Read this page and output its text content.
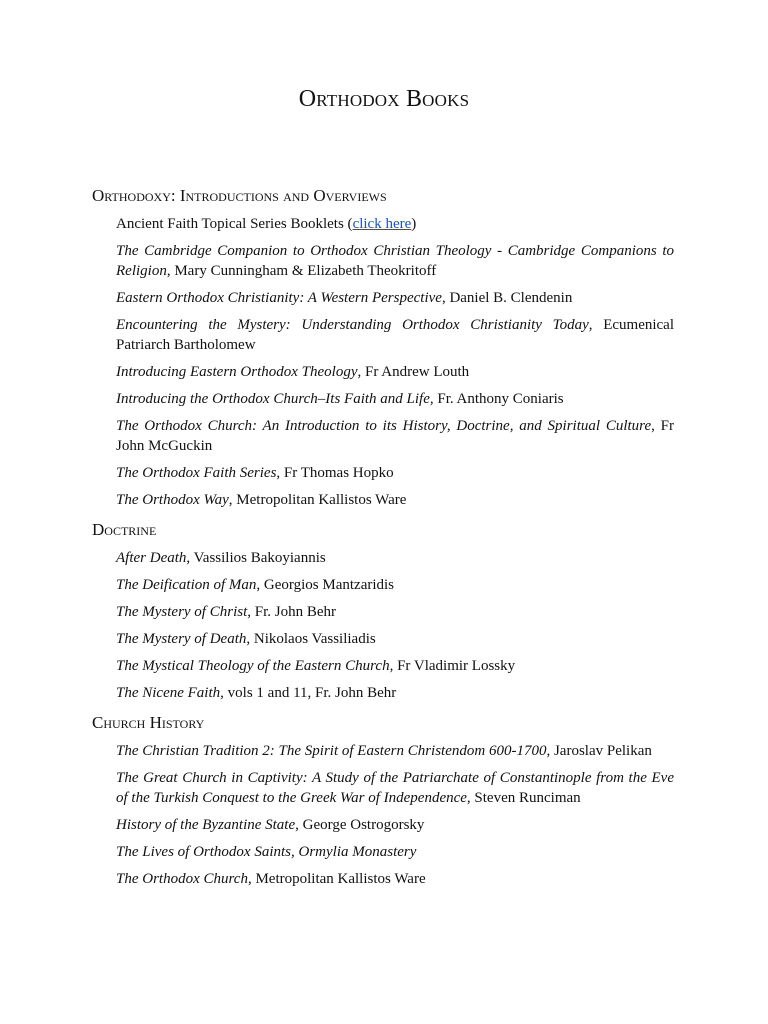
Orthodox Books
Orthodoxy: Introductions and Overviews
Ancient Faith Topical Series Booklets (click here)
The Cambridge Companion to Orthodox Christian Theology - Cambridge Companions to Religion, Mary Cunningham & Elizabeth Theokritoff
Eastern Orthodox Christianity: A Western Perspective, Daniel B. Clendenin
Encountering the Mystery: Understanding Orthodox Christianity Today, Ecumenical Patriarch Bartholomew
Introducing Eastern Orthodox Theology, Fr Andrew Louth
Introducing the Orthodox Church–Its Faith and Life, Fr. Anthony Coniaris
The Orthodox Church: An Introduction to its History, Doctrine, and Spiritual Culture, Fr John McGuckin
The Orthodox Faith Series, Fr Thomas Hopko
The Orthodox Way, Metropolitan Kallistos Ware
Doctrine
After Death, Vassilios Bakoyiannis
The Deification of Man, Georgios Mantzaridis
The Mystery of Christ, Fr. John Behr
The Mystery of Death, Nikolaos Vassiliadis
The Mystical Theology of the Eastern Church, Fr Vladimir Lossky
The Nicene Faith, vols 1 and 11, Fr. John Behr
Church History
The Christian Tradition 2: The Spirit of Eastern Christendom 600-1700, Jaroslav Pelikan
The Great Church in Captivity: A Study of the Patriarchate of Constantinople from the Eve of the Turkish Conquest to the Greek War of Independence, Steven Runciman
History of the Byzantine State, George Ostrogorsky
The Lives of Orthodox Saints, Ormylia Monastery
The Orthodox Church, Metropolitan Kallistos Ware
